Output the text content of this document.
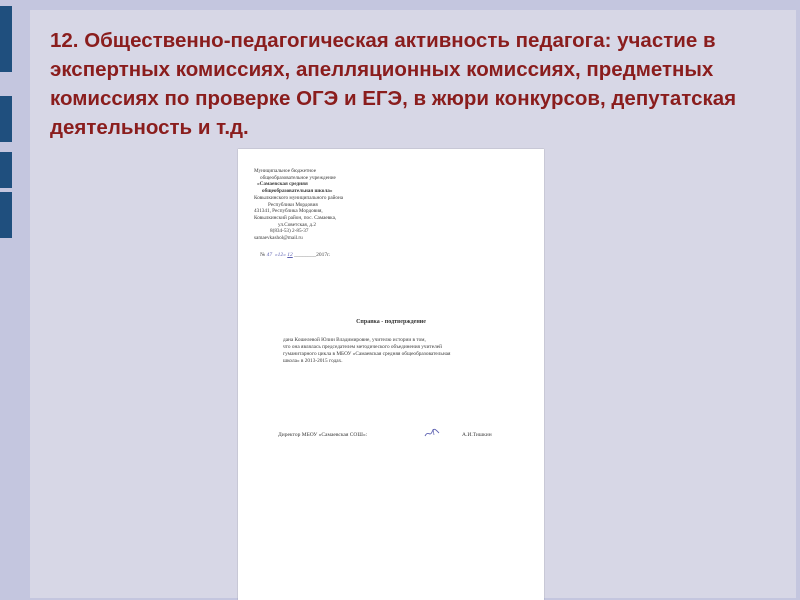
12. Общественно-педагогическая активность педагога: участие в экспертных комиссиях, апелляционных комиссиях, предметных комиссиях по проверке ОГЭ и ЕГЭ, в жюри конкурсов, депутатская деятельность и т.д.
Муниципальное бюджетное
общеобразовательное учреждение
«Самаевская средняя
общеобразовательная школа»
Ковылкинского муниципального района
Республики Мордовия
431341, Республика Мордовия,
Ковылкинский район, пос. Самаевка,
ул.Советская, д.2
8(834-53) 2-85-37
samaevkashol@mail.ru
№ 47 «12» 12 ________2017г.
Справка - подтверждение
дана Кошелевой Юлии Владимировне, учителю истории в том,
что она являлась председателем методического объединения учителей
гуманитарного цикла в МБОУ «Самаевская средняя общеобразовательная
школа» в 2013-2015 годах.
Директор МБОУ «Самаевская СОШ»:	А.И.Тишкин
